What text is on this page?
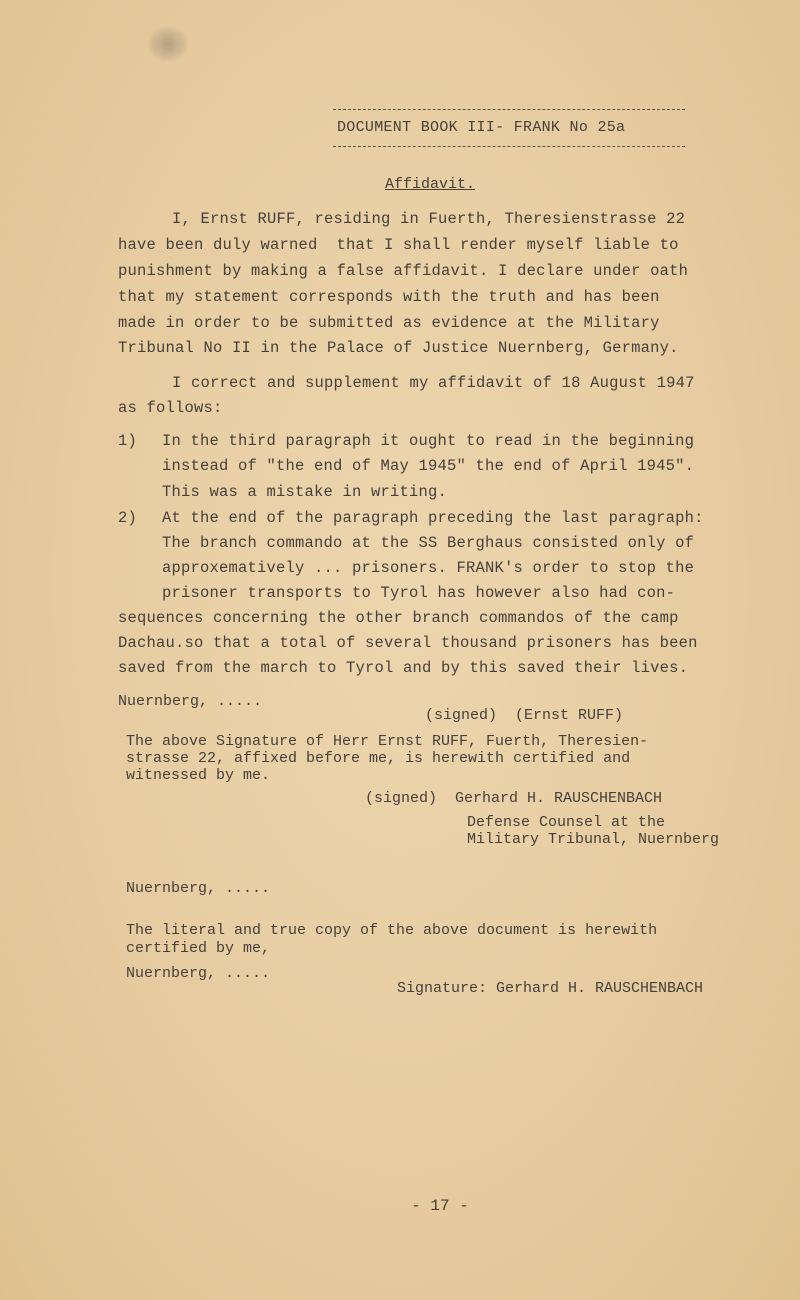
DOCUMENT BOOK III- FRANK No 25a
Affidavit.
I, Ernst RUFF, residing in Fuerth, Theresienstrasse 22
have been duly warned  that I shall render myself liable to
punishment by making a false affidavit. I declare under oath
that my statement corresponds with the truth and has been
made in order to be submitted as evidence at the Military
Tribunal No II in the Palace of Justice Nuernberg, Germany.
I correct and supplement my affidavit of 18 August 1947
as follows:
1) In the third paragraph it ought to read in the beginning
instead of "the end of May 1945" the end of April 1945".
This was a mistake in writing.
2) At the end of the paragraph preceding the last paragraph:
The branch commando at the SS Berghaus consisted only of
approxematively ... prisoners. FRANK's order to stop the
prisoner transports to Tyrol has however also had con-
sequences concerning the other branch commandos of the camp
Dachau.so that a total of several thousand prisoners has been
saved from the march to Tyrol and by this saved their lives.
Nuernberg, .....
(signed)  (Ernst RUFF)
The above Signature of Herr Ernst RUFF, Fuerth, Theresien-
strasse 22, affixed before me, is herewith certified and
witnessed by me.
(signed)  Gerhard H. RAUSCHENBACH
Defense Counsel at the
Military Tribunal, Nuernberg
Nuernberg, .....
The literal and true copy of the above document is herewith
certified by me,
Nuernberg, .....
Signature: Gerhard H. RAUSCHENBACH
- 17 -
